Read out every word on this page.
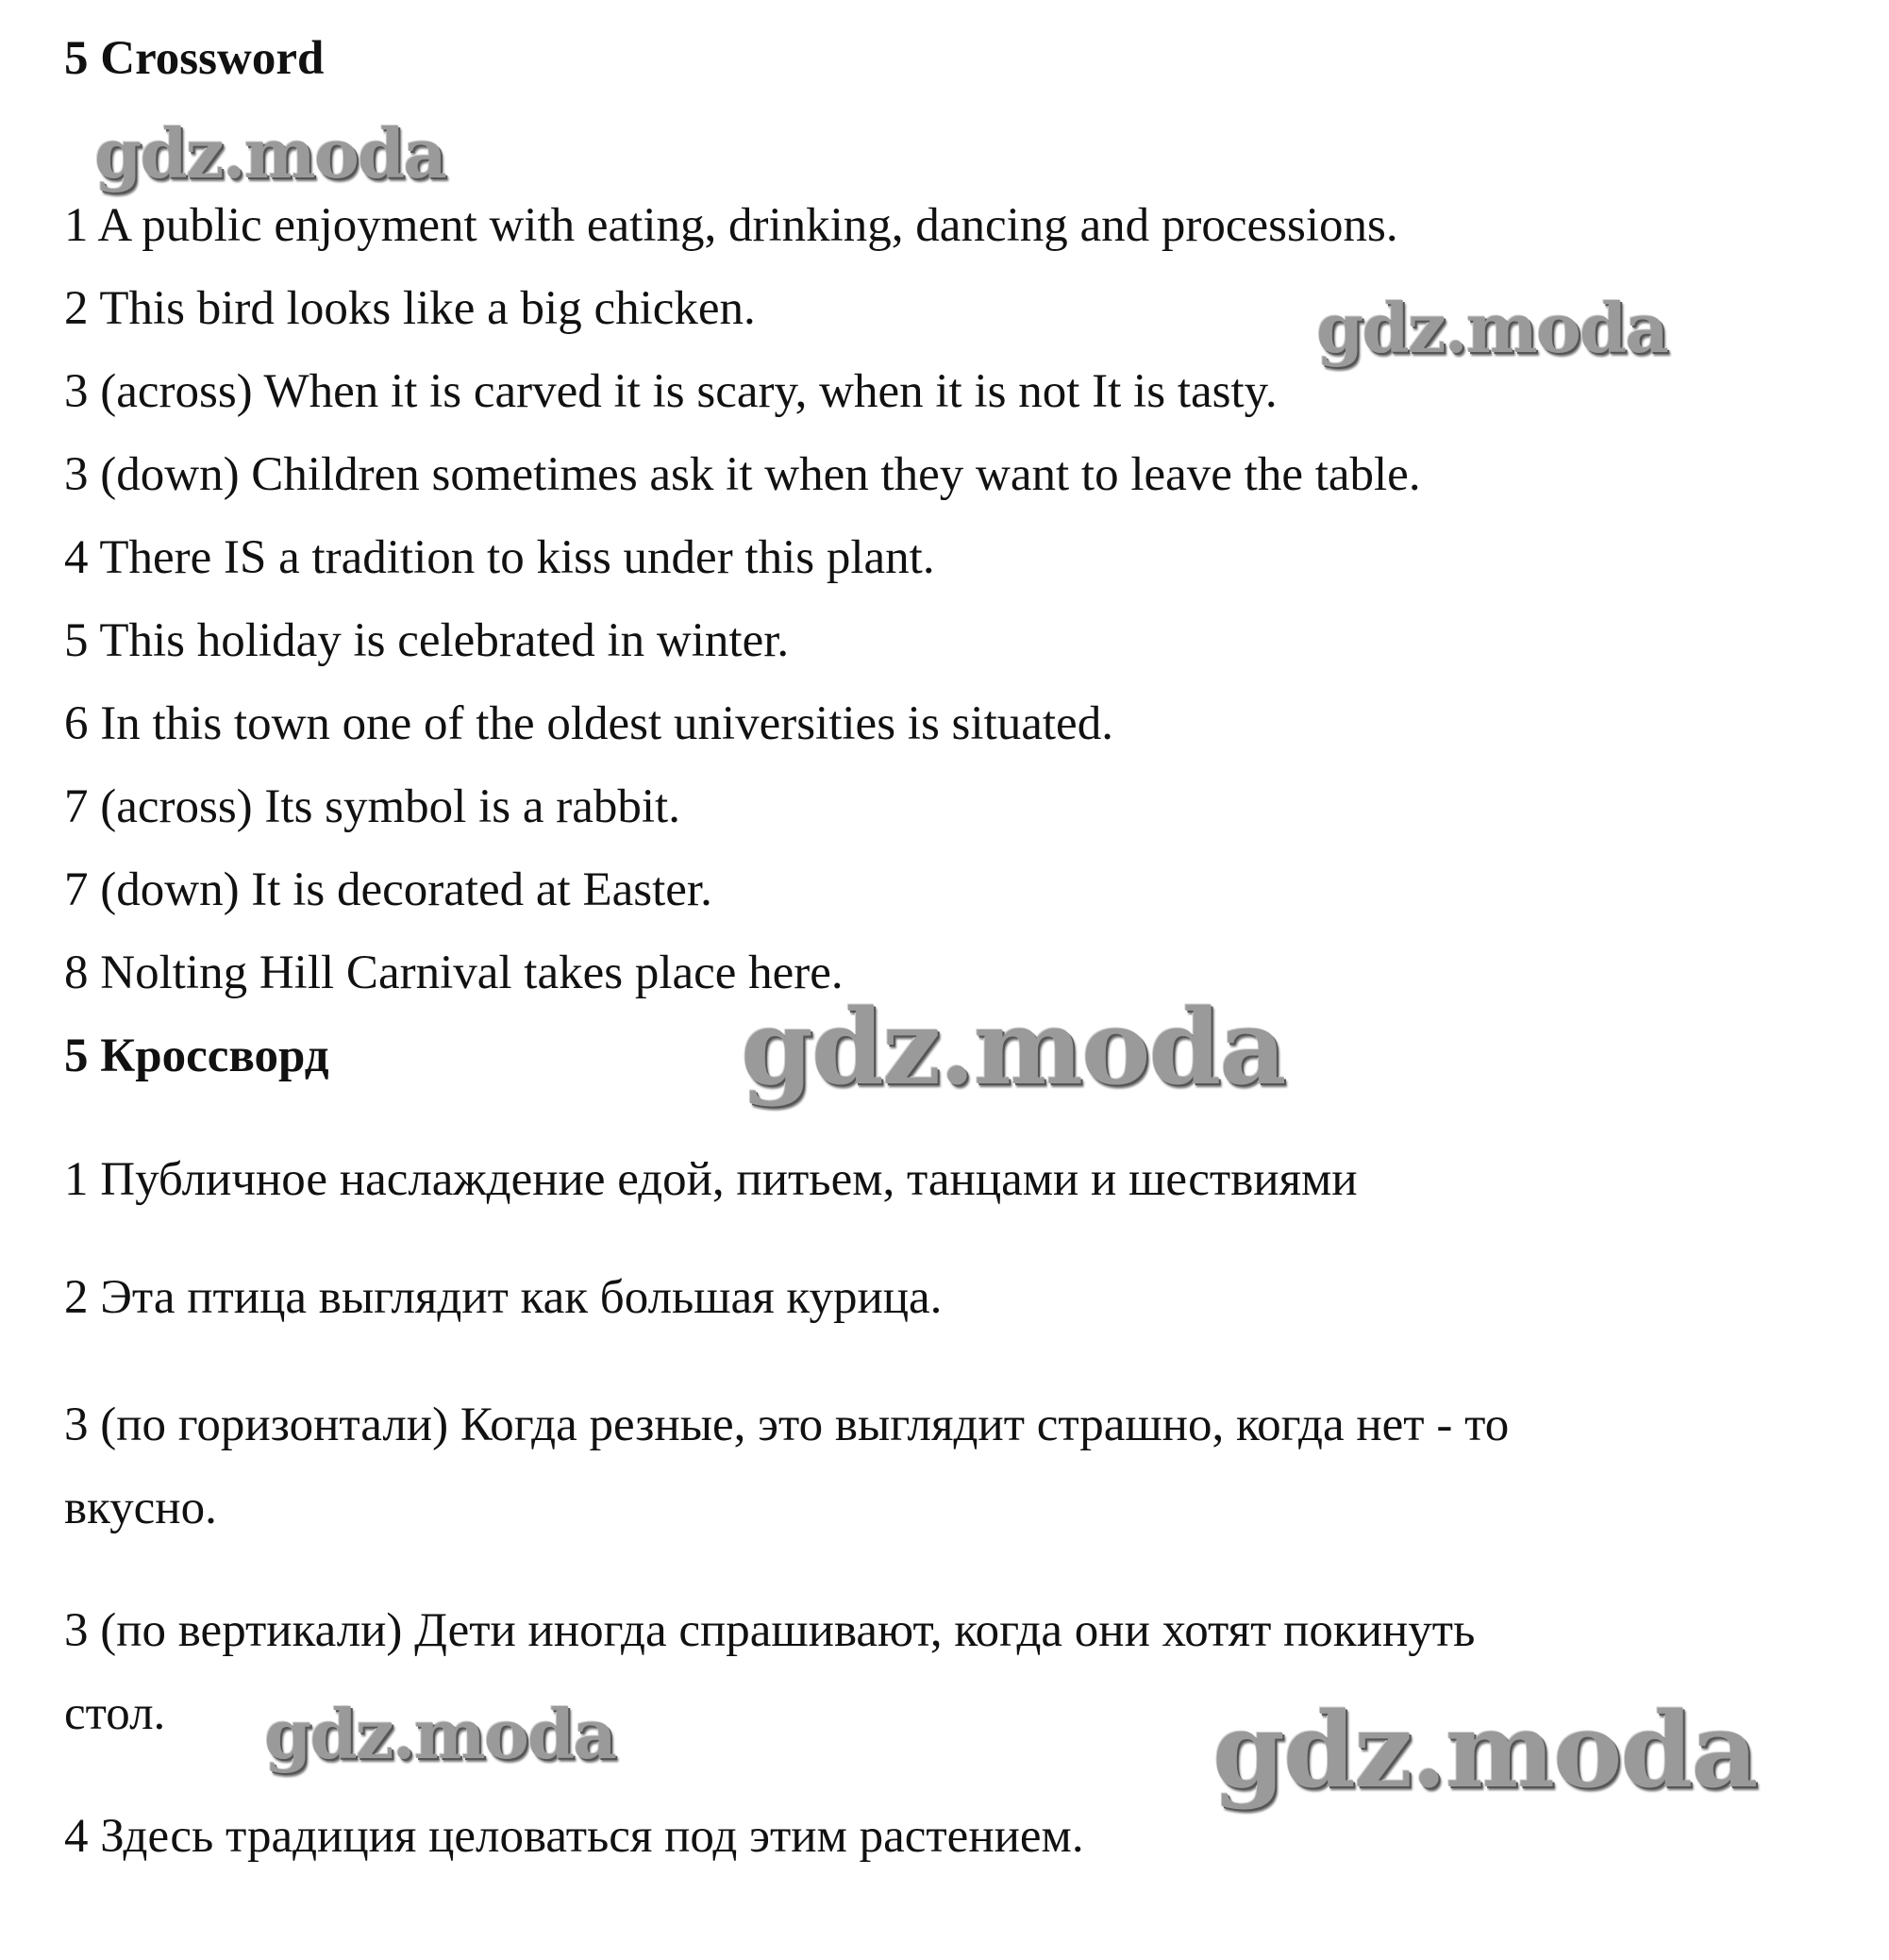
5 Crossword
1 A public enjoyment with eating, drinking, dancing and processions.
2 This bird looks like a big chicken.
3 (across) When it is carved it is scary, when it is not It is tasty.
3 (down) Children sometimes ask it when they want to leave the table.
4 There IS a tradition to kiss under this plant.
5 This holiday is celebrated in winter.
6 In this town one of the oldest universities is situated.
7 (across) Its symbol is a rabbit.
7 (down) It is decorated at Easter.
8 Nolting Hill Carnival takes place here.
5 Кроссворд
1 Публичное наслаждение едой, питьем, танцами и шествиями
2 Эта птица выглядит как большая курица.
3 (по горизонтали) Когда резные, это выглядит страшно, когда нет - то
вкусно.
3 (по вертикали) Дети иногда спрашивают, когда они хотят покинуть
стол.
4 Здесь традиция целоваться под этим растением.
gdz.moda
gdz.moda
gdz.moda
gdz.moda	gdz.moda
